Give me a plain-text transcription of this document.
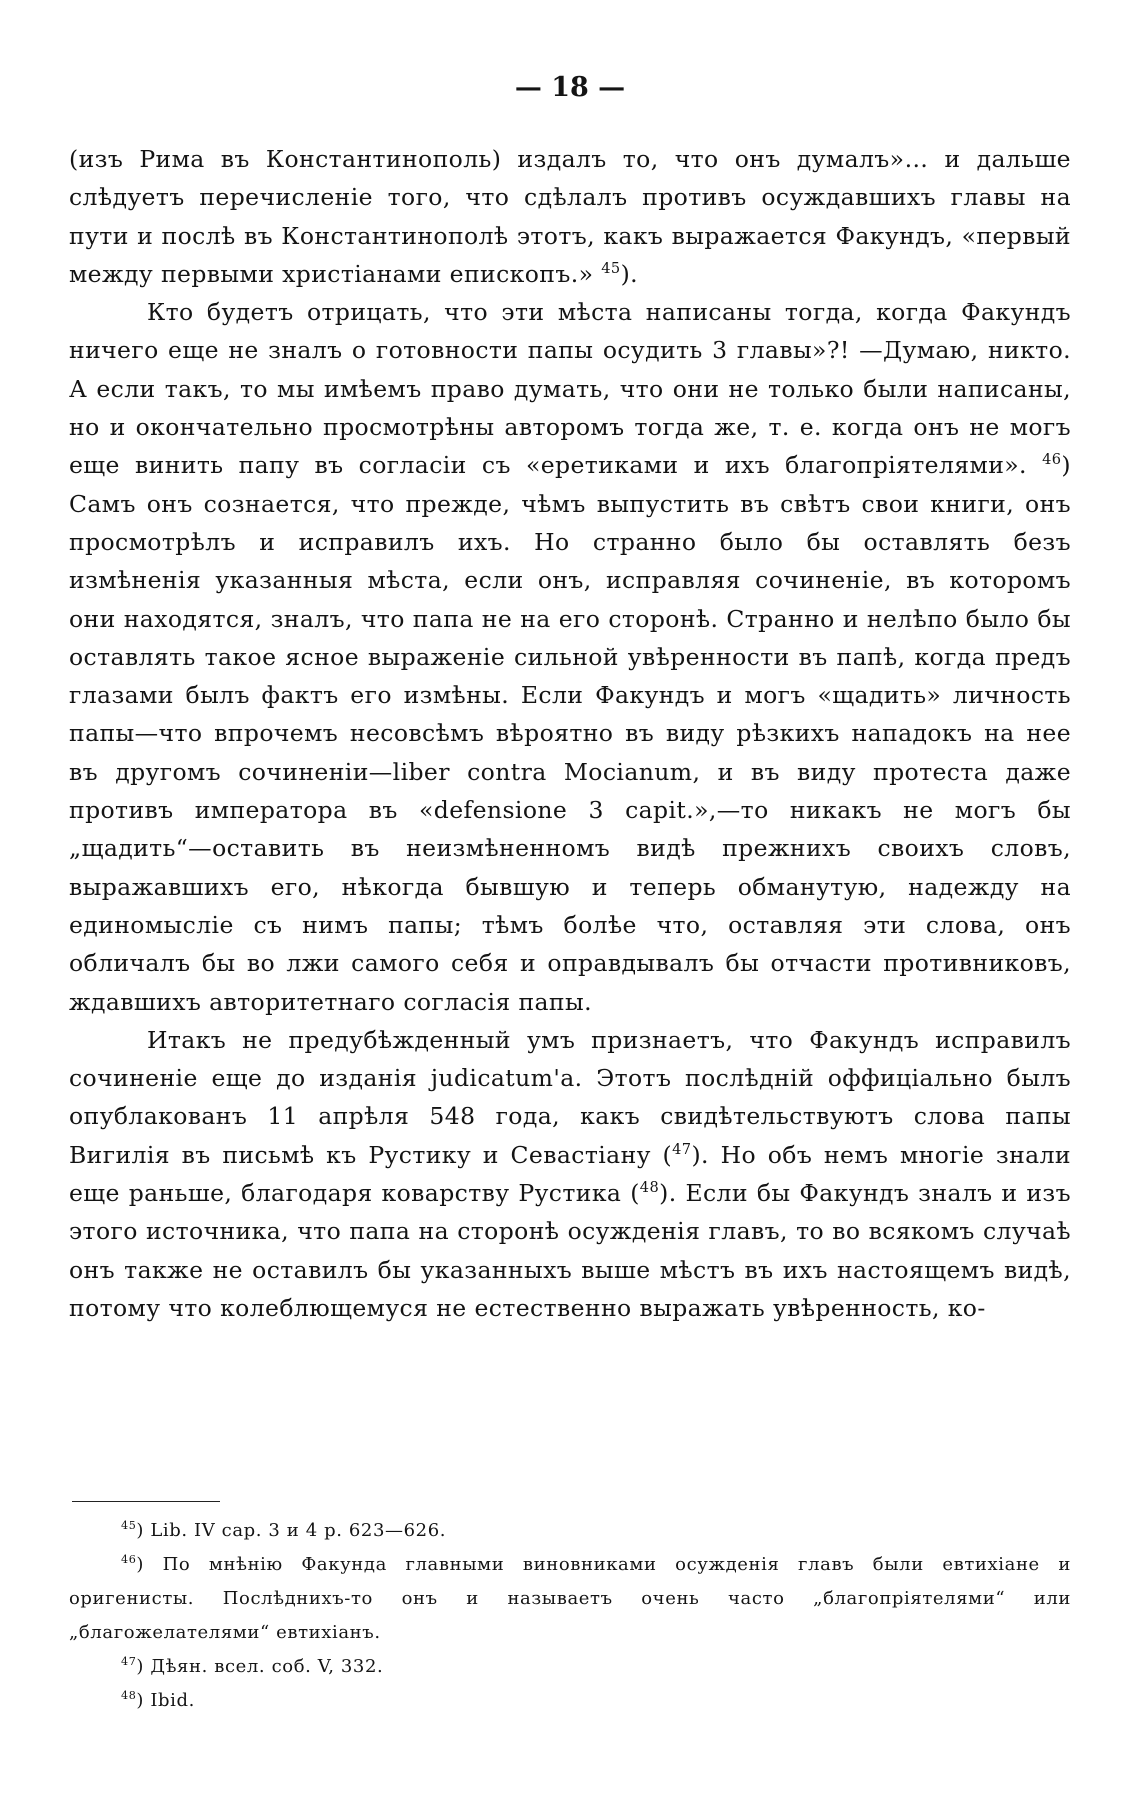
— 18 —

(изъ Рима въ Константинополь) издалъ то, что онъ думалъ»… и дальше слѣдуетъ перечисленіе того, что сдѣлалъ противъ осуждавшихъ главы на пути и послѣ въ Константинополѣ этотъ, какъ выражается Факундъ, «первый между первыми христіанами епископъ.» $^{45}$).

Кто будетъ отрицать, что эти мѣста написаны тогда, когда Факундъ ничего еще не зналъ о готовности папы осудить 3 главы»?! —Думаю, никто. А если такъ, то мы имѣемъ право думать, что они не только были написаны, но и окончательно просмотрѣны авторомъ тогда же, т. е. когда онъ не могъ еще винить папу въ согласіи съ «еретиками и ихъ благопріятелями». $^{46}$) Самъ онъ сознается, что прежде, чѣмъ выпустить въ свѣтъ свои книги, онъ просмотрѣлъ и исправилъ ихъ. Но странно было бы оставлять безъ измѣненія указанныя мѣста, если онъ, исправляя сочиненіе, въ которомъ они находятся, зналъ, что папа не на его сторонѣ. Странно и нелѣпо было бы оставлять такое ясное выраженіе сильной увѣренности въ папѣ, когда предъ глазами былъ фактъ его измѣны. Если Факундъ и могъ «щадить» личность папы—что впрочемъ несовсѣмъ вѣроятно въ виду рѣзкихъ нападокъ на нее въ другомъ сочиненіи—liber contra Mocianum, и въ виду протеста даже противъ императора въ «defensione 3 capit.»,—то никакъ не могъ бы „щадить“—оставить въ неизмѣненномъ видѣ прежнихъ своихъ словъ, выражавшихъ его, нѣкогда бывшую и теперь обманутую, надежду на единомысліе съ нимъ папы; тѣмъ болѣе что, оставляя эти слова, онъ обличалъ бы во лжи самого себя и оправдывалъ бы отчасти противниковъ, ждавшихъ авторитетнаго согласія папы.

Итакъ не предубѣжденный умъ признаетъ, что Факундъ исправилъ сочиненіе еще до изданія judicatum'а. Этотъ послѣдній оффиціально былъ опублакованъ 11 апрѣля 548 года, какъ свидѣтельствуютъ слова папы Вигилія въ письмѣ къ Рустику и Севастіану ($^{47}$). Но объ немъ многіе знали еще раньше, благодаря коварству Рустика ($^{48}$). Если бы Факундъ зналъ и изъ этого источника, что папа на сторонѣ осужденія главъ, то во всякомъ случаѣ онъ также не оставилъ бы указанныхъ выше мѣстъ въ ихъ настоящемъ видѣ, потому что колеблющемуся не естественно выражать увѣренность, ко-

$^{45}$) Lib. IV cap. 3 и 4 p. 623—626.

$^{46}$) По мнѣнію Факунда главными виновниками осужденія главъ были евтихіане и оригенисты. Послѣднихъ-то онъ и называетъ очень часто „благопріятелями“ или „благожелателями“ евтихіанъ.

$^{47}$) Дѣян. всел. соб. V, 332.

$^{48}$) Ibid.
